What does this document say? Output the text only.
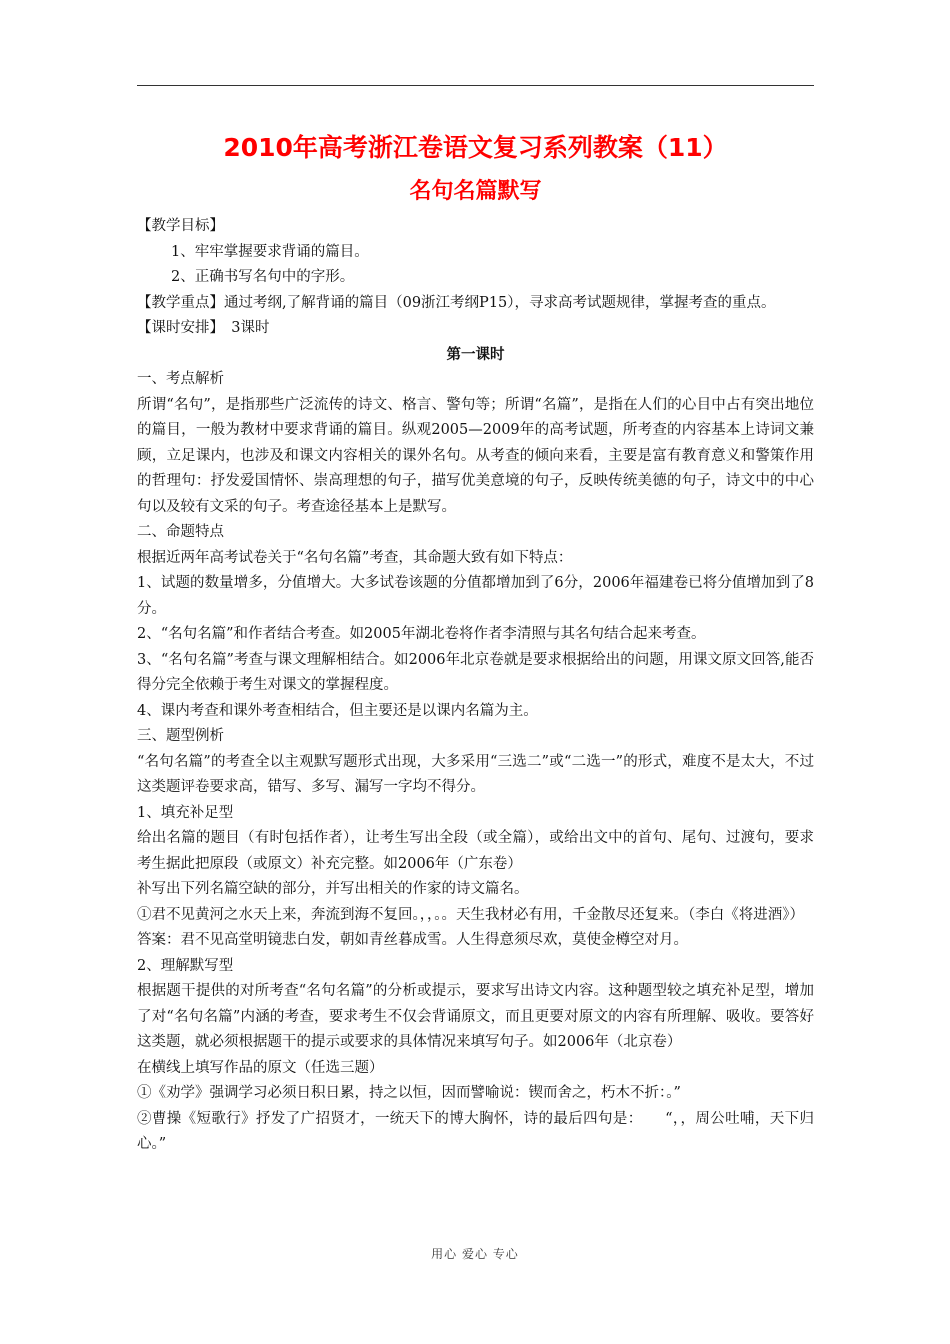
2010年高考浙江卷语文复习系列教案（11）
名句名篇默写

【教学目标】

1、牢牢掌握要求背诵的篇目。

2、正确书写名句中的字形。

【教学重点】通过考纲,了解背诵的篇目（09浙江考纲P15），寻求高考试题规律，掌握考查的重点。

【课时安排】　3课时

第一课时

一、考点解析

所谓“名句”，是指那些广泛流传的诗文、格言、警句等；所谓“名篇”，是指在人们的心目中占有突出地位的篇目，一般为教材中要求背诵的篇目。纵观2005—2009年的高考试题，所考查的内容基本上诗词文兼顾，立足课内，也涉及和课文内容相关的课外名句。从考查的倾向来看，主要是富有教育意义和警策作用的哲理句：抒发爱国情怀、崇高理想的句子，描写优美意境的句子，反映传统美德的句子，诗文中的中心句以及较有文采的句子。考查途径基本上是默写。

二、命题特点

根据近两年高考试卷关于“名句名篇”考查，其命题大致有如下特点：

1、试题的数量增多，分值增大。大多试卷该题的分值都增加到了6分，2006年福建卷已将分值增加到了8分。

2、“名句名篇”和作者结合考查。如2005年湖北卷将作者李清照与其名句结合起来考查。

3、“名句名篇”考查与课文理解相结合。如2006年北京卷就是要求根据给出的问题，用课文原文回答,能否得分完全依赖于考生对课文的掌握程度。

4、课内考查和课外考查相结合，但主要还是以课内名篇为主。

三、题型例析

“名句名篇”的考查全以主观默写题形式出现，大多采用“三选二”或“二选一”的形式，难度不是太大，不过这类题评卷要求高，错写、多写、漏写一字均不得分。

1、填充补足型

给出名篇的题目（有时包括作者），让考生写出全段（或全篇），或给出文中的首句、尾句、过渡句，要求考生据此把原段（或原文）补充完整。如2006年（广东卷）

补写出下列名篇空缺的部分，并写出相关的作家的诗文篇名。

①君不见黄河之水天上来，奔流到海不复回。，，。。天生我材必有用，千金散尽还复来。（李白《将进酒》）

答案：君不见高堂明镜悲白发，朝如青丝暮成雪。人生得意须尽欢，莫使金樽空对月。

2、理解默写型

根据题干提供的对所考查“名句名篇”的分析或提示，要求写出诗文内容。这种题型较之填充补足型，增加了对“名句名篇”内涵的考查，要求考生不仅会背诵原文，而且更要对原文的内容有所理解、吸收。要答好这类题，就必须根据题干的提示或要求的具体情况来填写句子。如2006年（北京卷）

在横线上填写作品的原文（任选三题）

①《劝学》强调学习必须日积日累，持之以恒，因而譬喻说：锲而舍之，朽木不折：。”

②曹操《短歌行》抒发了广招贤才，一统天下的博大胸怀，诗的最后四句是：　　“，，周公吐哺，天下归心。”

用心 爱心 专心
